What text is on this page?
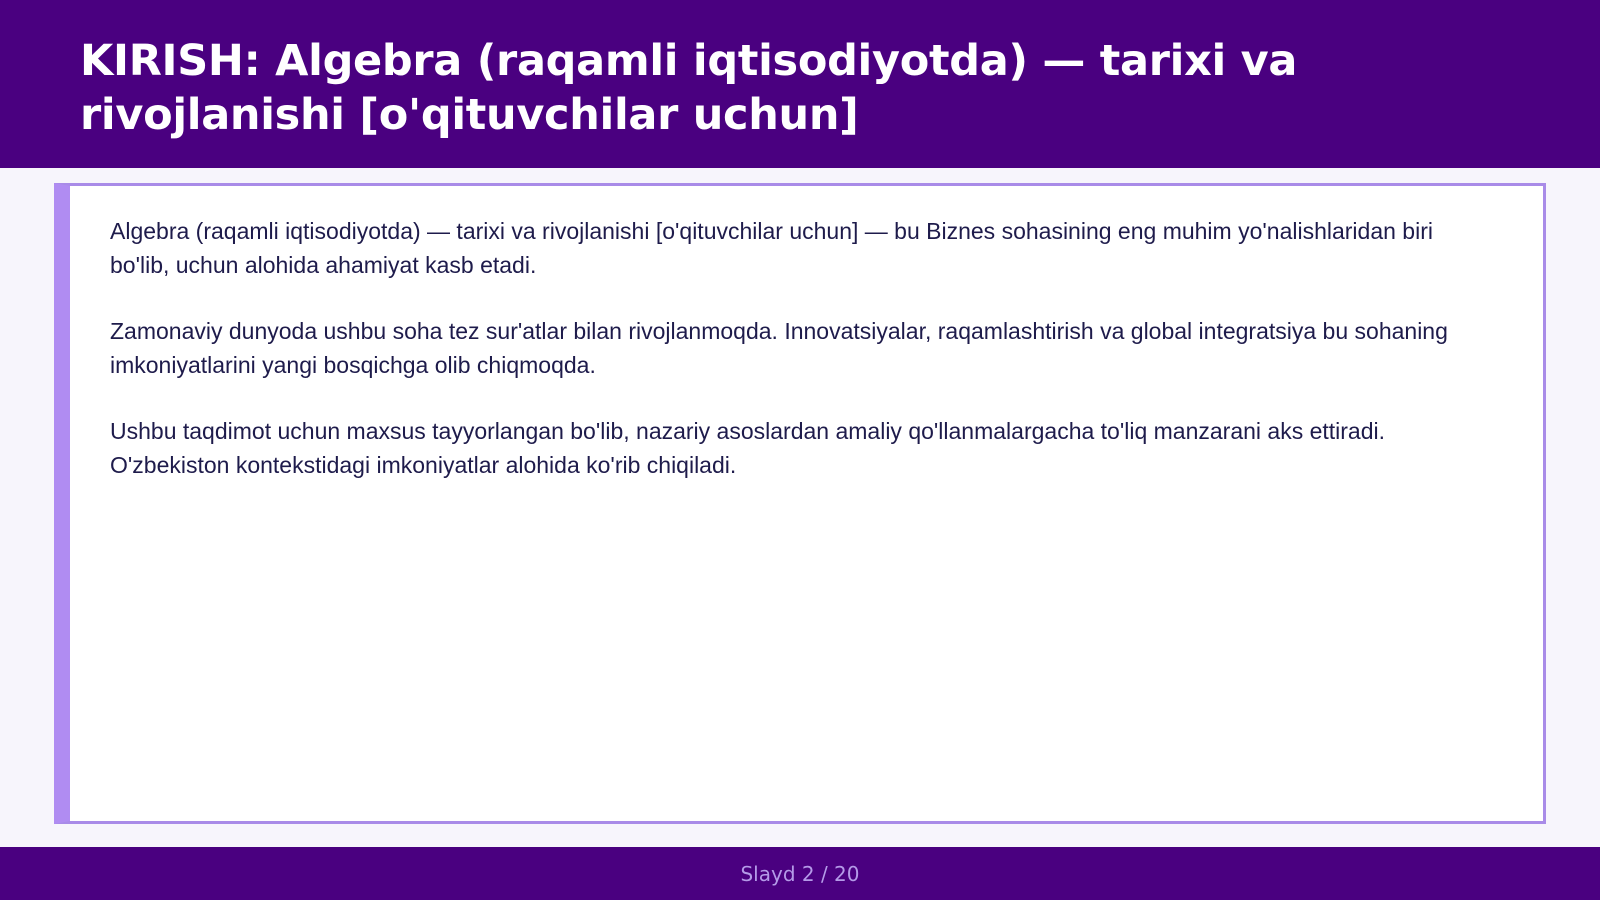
KIRISH: Algebra (raqamli iqtisodiyotda) — tarixi va rivojlanishi [o'qituvchilar uchun]

Algebra (raqamli iqtisodiyotda) — tarixi va rivojlanishi [o'qituvchilar uchun] — bu Biznes sohasining eng muhim yo'nalishlaridan biri bo'lib, uchun alohida ahamiyat kasb etadi.

Zamonaviy dunyoda ushbu soha tez sur'atlar bilan rivojlanmoqda. Innovatsiyalar, raqamlashtirish va global integratsiya bu sohaning imkoniyatlarini yangi bosqichga olib chiqmoqda.

Ushbu taqdimot uchun maxsus tayyorlangan bo'lib, nazariy asoslardan amaliy qo'llanmalargacha to'liq manzarani aks ettiradi. O'zbekiston kontekstidagi imkoniyatlar alohida ko'rib chiqiladi.

Slayd 2 / 20
